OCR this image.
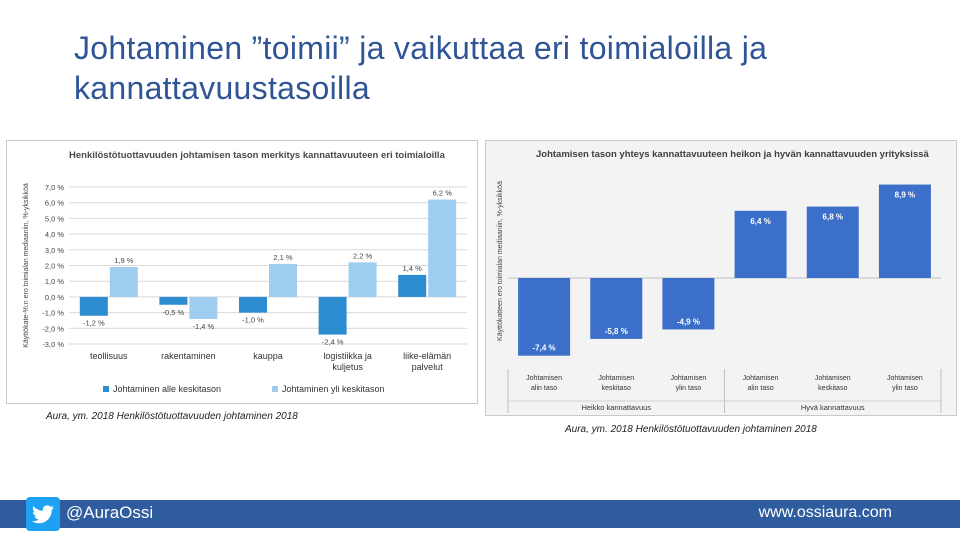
Johtaminen ”toimii” ja vaikuttaa eri toimialoilla ja
kannattavuustasoilla
Henkilöstötuottavuuden johtamisen tason merkitys kannattavuuteen eri toimialoilla
-3,0 %
-2,0 %
-1,0 %
0,0 %
1,0 %
2,0 %
3,0 %
4,0 %
5,0 %
6,0 %
7,0 %
Käyttökate-%:n ero toimialan mediaaniin, %-yksikköä	-1,2 %
1,9 %
teollisuus
-0,5 %
-1,4 %
rakentaminen
-1,0 %
2,1 %
kauppa
-2,4 %
2,2 %
logistiikka ja
kuljetus
1,4 %
6,2 %
liike-elämän
palvelut
Johtaminen alle keskitason	Johtaminen yli keskitason
Johtamisen tason yhteys kannattavuuteen heikon ja hyvän kannattavuuden yrityksissä
Käyttökatteen ero toimialan mediaaniin, %-yksikköä
-7,4 %
Johtamisen
alin taso
-5,8 %
Johtamisen
keskitaso
-4,9 %
Johtamisen
ylin taso
6,4 %
Johtamisen
alin taso
6,8 %
Johtamisen
keskitaso
8,9 %
Johtamisen
ylin taso
Heikko kannattavuus	Hyvä kannattavuus
Aura, ym. 2018 Henkilöstötuottavuuden johtaminen 2018
Aura, ym. 2018 Henkilöstötuottavuuden johtaminen 2018
@AuraOssi	www.ossiaura.com
